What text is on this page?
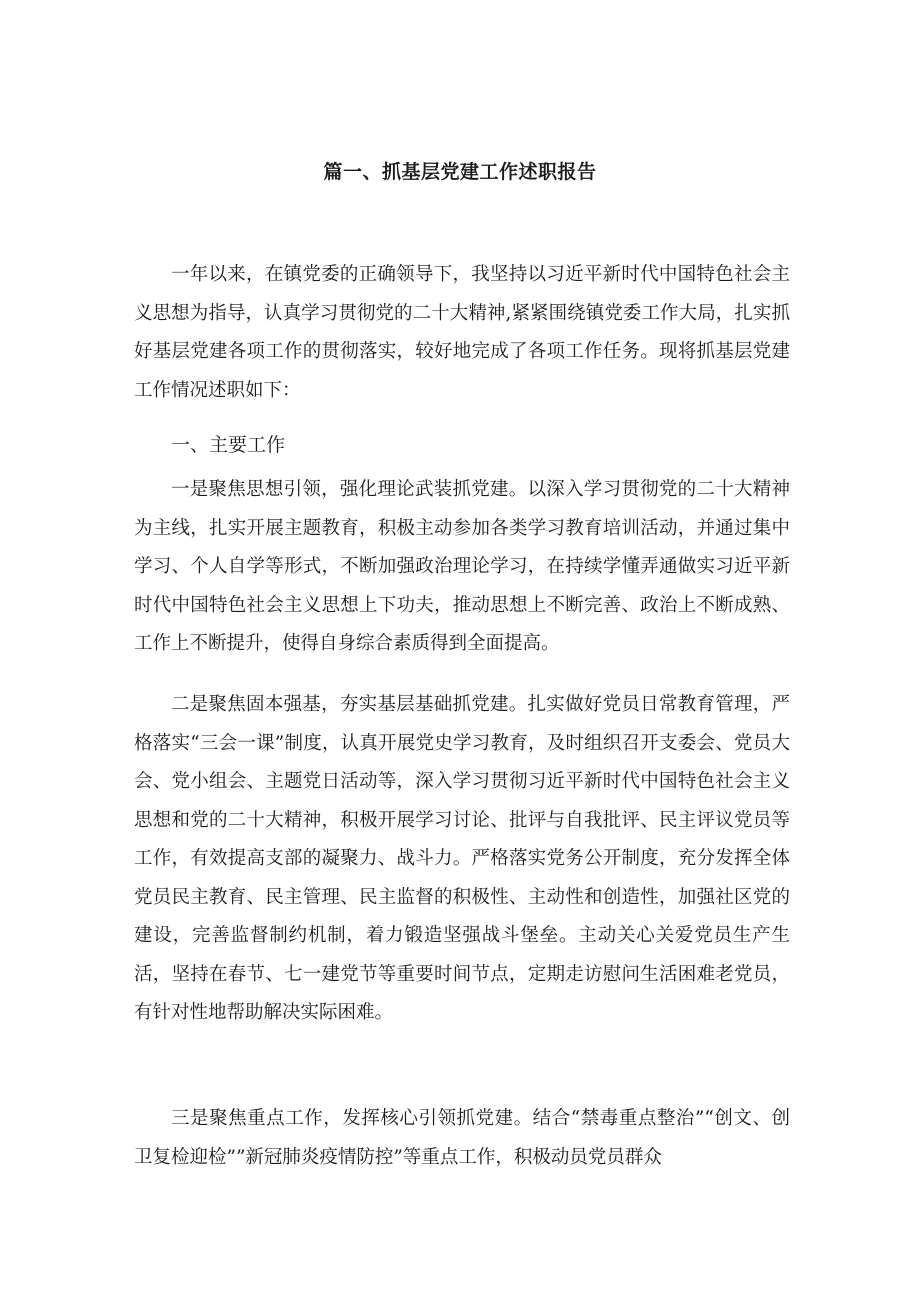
篇一、抓基层党建工作述职报告

一年以来，在镇党委的正确领导下，我坚持以习近平新时代中国特色社会主义思想为指导，认真学习贯彻党的二十大精神,紧紧围绕镇党委工作大局，扎实抓好基层党建各项工作的贯彻落实，较好地完成了各项工作任务。现将抓基层党建工作情况述职如下：

一、主要工作

一是聚焦思想引领，强化理论武装抓党建。以深入学习贯彻党的二十大精神为主线，扎实开展主题教育，积极主动参加各类学习教育培训活动，并通过集中学习、个人自学等形式，不断加强政治理论学习，在持续学懂弄通做实习近平新时代中国特色社会主义思想上下功夫，推动思想上不断完善、政治上不断成熟、工作上不断提升，使得自身综合素质得到全面提高。

二是聚焦固本强基，夯实基层基础抓党建。扎实做好党员日常教育管理，严格落实“三会一课”制度，认真开展党史学习教育，及时组织召开支委会、党员大会、党小组会、主题党日活动等，深入学习贯彻习近平新时代中国特色社会主义思想和党的二十大精神，积极开展学习讨论、批评与自我批评、民主评议党员等工作，有效提高支部的凝聚力、战斗力。严格落实党务公开制度，充分发挥全体党员民主教育、民主管理、民主监督的积极性、主动性和创造性，加强社区党的建设，完善监督制约机制，着力锻造坚强战斗堡垒。主动关心关爱党员生产生活，坚持在春节、七一建党节等重要时间节点，定期走访慰问生活困难老党员，有针对性地帮助解决实际困难。

三是聚焦重点工作，发挥核心引领抓党建。结合“禁毒重点整治”“创文、创卫复检迎检””新冠肺炎疫情防控”等重点工作，积极动员党员群众
